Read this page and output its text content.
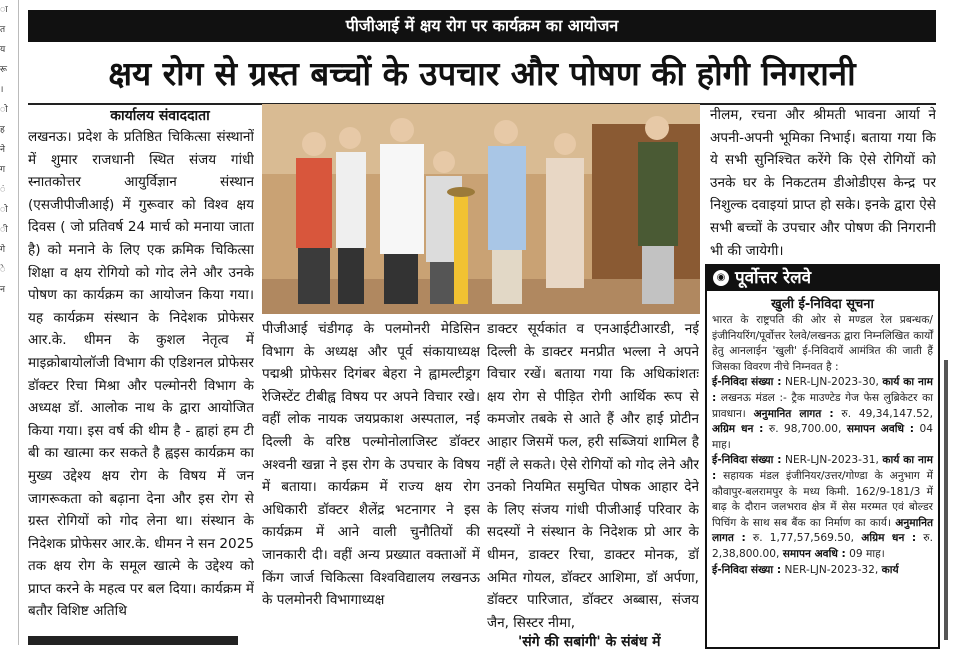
ा
त
य
रू
।
ो
ह
ने
ग
ं
ो
ी
गे
े
न
पीजीआई में क्षय रोग पर कार्यक्रम का आयोजन
क्षय रोग से ग्रस्त बच्चों के उपचार और पोषण की होगी निगरानी
कार्यालय संवाददाता

लखनऊ। प्रदेश के प्रतिष्ठित चिकित्सा संस्थानों में शुमार राजधानी स्थित संजय गांधी स्नातकोत्तर आयुर्विज्ञान संस्थान (एसजीपीजीआई) में गुरूवार को विश्व क्षय दिवस ( जो प्रतिवर्ष 24 मार्च को मनाया जाता है) को मनाने के लिए एक क्रमिक चिकित्सा शिक्षा व क्षय रोगियो को गोद लेने और उनके पोषण का कार्यक्रम का आयोजन किया गया। यह कार्यक्रम संस्थान के निदेशक प्रोफेसर आर.के. धीमन के कुशल नेतृत्व में माइक्रोबायोलॉजी विभाग की एडिशनल प्रोफेसर डॉक्टर रिचा मिश्रा और पल्मोनरी विभाग के अध्यक्ष डॉ. आलोक नाथ के द्वारा आयोजित किया गया। इस वर्ष की थीम है - ह्वाहां हम टी बी का खात्मा कर सकते है ह्वइस कार्यक्रम का मुख्य उद्देश्य क्षय रोग के विषय में जन जागरूकता को बढ़ाना देना और इस रोग से ग्रस्त रोगियों को गोद लेना था। संस्थान के निदेशक प्रोफेसर आर.के. धीमन ने सन 2025 तक क्षय रोग के समूल खात्मे के उद्देश्य को प्राप्त करने के महत्व पर बल दिया। कार्यक्रम में बतौर विशिष्ट अतिथि

पीजीआई चंडीगढ़ के पलमोनरी मेडिसिन विभाग के अध्यक्ष और पूर्व संकायाध्यक्ष पद्मश्री प्रोफेसर दिगंबर बेहरा ने ह्वामल्टीड्रग रेजिस्टेंट टीबीह्व विषय पर अपने विचार रखे। वहीं लोक नायक जयप्रकाश अस्पताल, नई दिल्ली के वरिष्ठ पल्मोनोलाजिस्ट डॉक्टर अश्वनी खन्ना ने इस रोग के उपचार के विषय में बताया। कार्यक्रम में राज्य क्षय रोग अधिकारी डॉक्टर शैलेंद्र भटनागर ने इस कार्यक्रम में आने वाली चुनौतियों की जानकारी दी। वहीं अन्य प्रख्यात वक्ताओं में किंग जार्ज चिकित्सा विश्वविद्यालय लखनऊ के पलमोनरी विभागाध्यक्ष

डाक्टर सूर्यकांत व एनआईटीआरडी, नई दिल्ली के डाक्टर मनप्रीत भल्ला ने अपने विचार रखें। बताया गया कि अधिकांशतः क्षय रोग से पीड़ित रोगी आर्थिक रूप से कमजोर तबके से आते हैं और हाई प्रोटीन आहार जिसमें फल, हरी सब्जियां शामिल है नहीं ले सकते। ऐसे रोगियों को गोद लेने और उनको नियमित समुचित पोषक आहार देने के लिए संजय गांधी पीजीआई परिवार के सदस्यों ने संस्थान के निदेशक प्रो आर के धीमन, डाक्टर रिचा, डाक्टर मोनक, डॉ अमित गोयल, डॉक्टर आशिमा, डॉ अर्पणा, डॉक्टर पारिजात, डॉक्टर अब्बास, संजय जैन, सिस्टर नीमा,

'संगे की सबांगी' के संबंध में

नीलम, रचना और श्रीमती भावना आर्या ने अपनी-अपनी भूमिका निभाई। बताया गया कि ये सभी सुनिश्चित करेंगे कि ऐसे रोगियों को उनके घर के निकटतम डीओडीएस केन्द्र पर निशुल्क दवाइयां प्राप्त हो सके। इनके द्वारा ऐसे सभी बच्चों के उपचार और पोषण की निगरानी भी की जायेगी।

◉ पूर्वोत्तर रेलवे
खुली ई-निविदा सूचना

भारत के राष्ट्रपति की ओर से मण्डल रेल प्रबन्धक/इंजीनियरिंग/पूर्वोत्तर रेलवे/लखनऊ द्वारा निम्नलिखित कार्यों हेतु आनलाईन 'खुली' ई-निविदायें आमंत्रित की जाती हैं जिसका विवरण नीचे निम्नवत है :

ई-निविदा संख्या : NER-LJN-2023-30, कार्य का नाम : लखनऊ मंडल :- ट्रैक माउण्टेड गेज फेस लुब्रिकेटर का प्रावधान। अनुमानित लागत : रु. 49,34,147.52, अग्रिम धन : रु. 98,700.00, समापन अवधि : 04 माह।

ई-निविदा संख्या : NER-LJN-2023-31, कार्य का नाम : सहायक मंडल इंजीनियर/उत्तर/गोण्डा के अनुभाग में कौवापुर-बलरामपुर के मध्य किमी. 162/9-181/3 में बाढ़ के दौरान जलभराव क्षेत्र में सेस मरम्मत एवं बोल्डर पिचिंग के साथ सब बैंक का निर्माण का कार्य। अनुमानित लागत : रु. 1,77,57,569.50, अग्रिम धन : रु. 2,38,800.00, समापन अवधि : 09 माह।

ई-निविदा संख्या : NER-LJN-2023-32, कार्य
